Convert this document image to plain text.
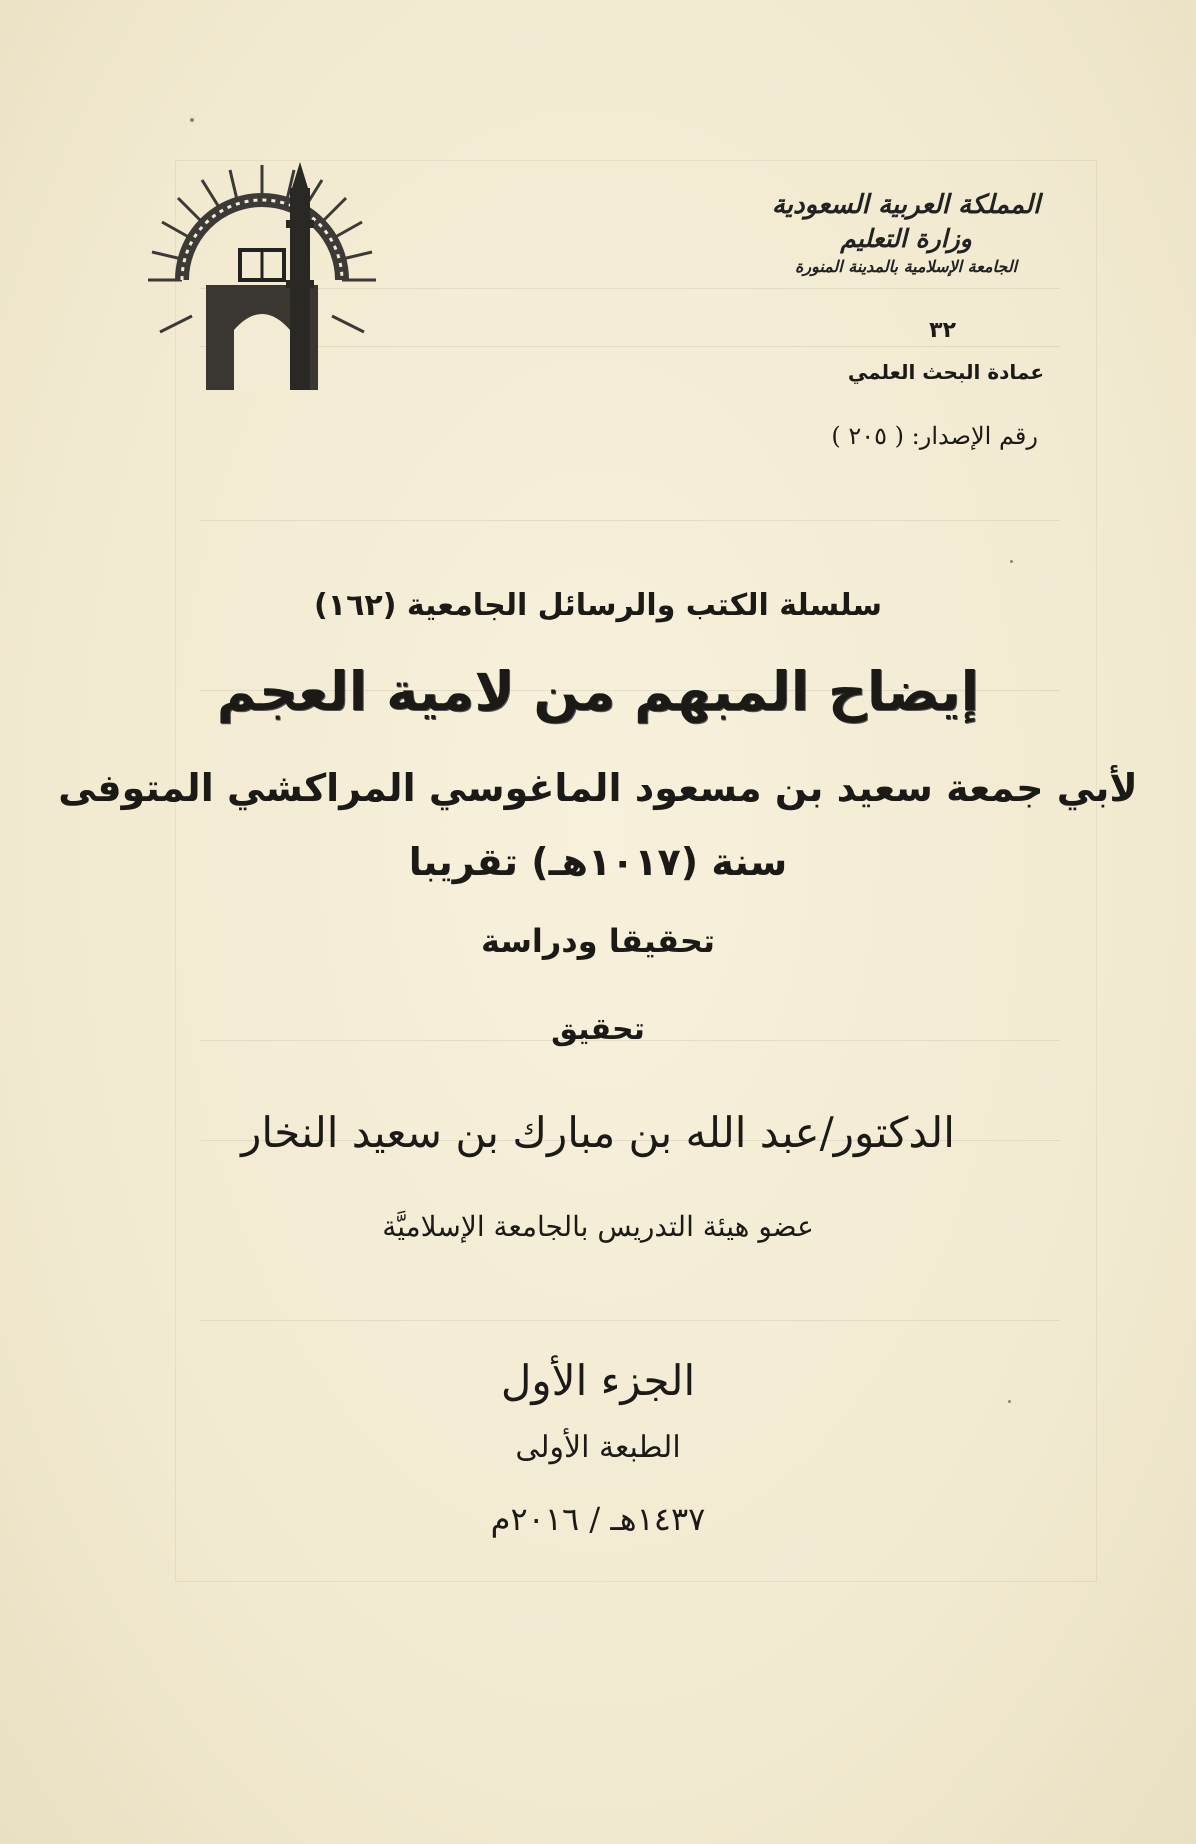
المملكة العربية السعودية
وزارة التعليم
الجامعة الإسلامية بالمدينة المنورة
٣٢
عمادة البحث العلمي
رقم الإصدار: ( ٢٠٥ )
سلسلة الكتب والرسائل الجامعية (١٦٢)
إيضاح المبهم من لامية العجم
لأبي جمعة سعيد بن مسعود الماغوسي المراكشي المتوفى
سنة (١٠١٧هـ) تقريبا
تحقيقا ودراسة
تحقيق
الدكتور/عبد الله بن مبارك بن سعيد النخار
عضو هيئة التدريس بالجامعة الإسلاميَّة
الجزء الأول
الطبعة الأولى
١٤٣٧هـ / ٢٠١٦م
